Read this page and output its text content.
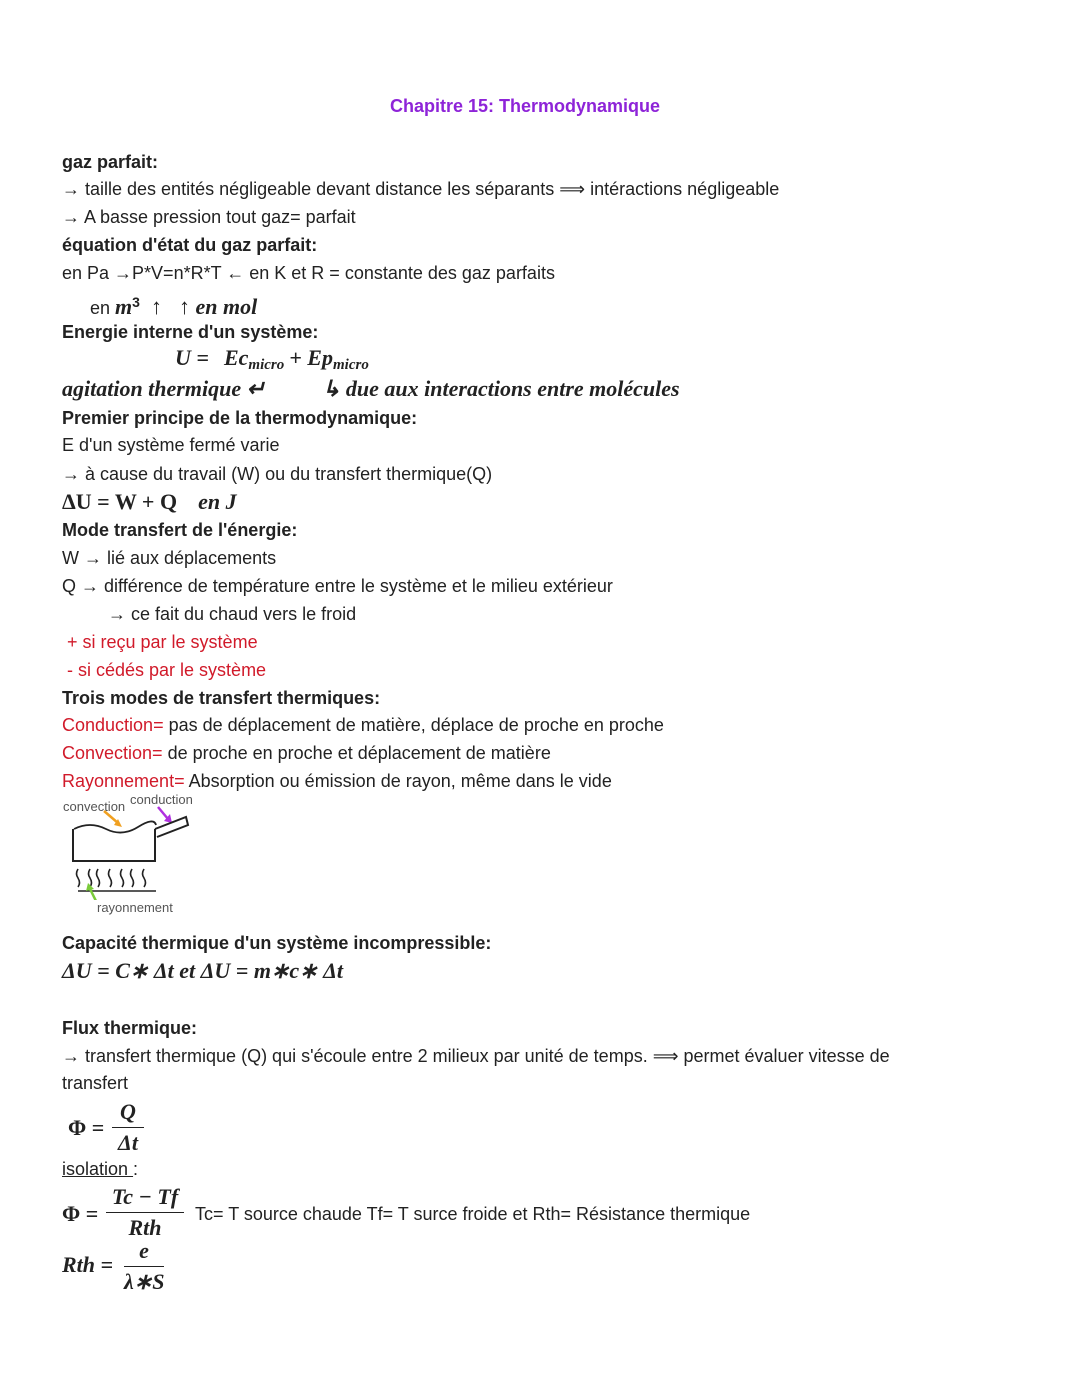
Chapitre 15: Thermodynamique
gaz parfait:
→ taille des entités négligeable devant distance les séparants ⟹ intéractions négligeable
→ A basse pression tout gaz= parfait
équation d'état du gaz parfait:
en Pa →P*V=n*R*T ← en K et R = constante des gaz parfaits
en $m^3$ ↑ ↑ en mol
Energie interne d'un système:
$U = Ec_{micro} + Ep_{micro}$
agitation thermique ↵	↳ due aux interactions entre molécules
Premier principe de la thermodynamique:
E d'un système fermé varie
→ à cause du travail (W) ou du transfert thermique(Q)
ΔU = W + Q en J
Mode transfert de l'énergie:
W → lié aux déplacements
Q → différence de température entre le système et le milieu extérieur
→ ce fait du chaud vers le froid
+ si reçu par le système
- si cédés par le système
Trois modes de transfert thermiques:
Conduction= pas de déplacement de matière, déplace de proche en proche
Convection= de proche en proche et déplacement de matière
Rayonnement= Absorption ou émission de rayon, même dans le vide
convection conduction
rayonnement
Capacité thermique d'un système incompressible:
ΔU = C∗ Δt et ΔU = m∗c∗ Δt
Flux thermique:
→ transfert thermique (Q) qui s'écoule entre 2 milieux par unité de temps. ⟹ permet évaluer vitesse de
transfert
Φ =
Q
Δt
isolation :
Φ =
Tc − Tf
Rth
Tc= T source chaude Tf= T surce froide et Rth= Résistance thermique
Rth =
e
λ∗S
